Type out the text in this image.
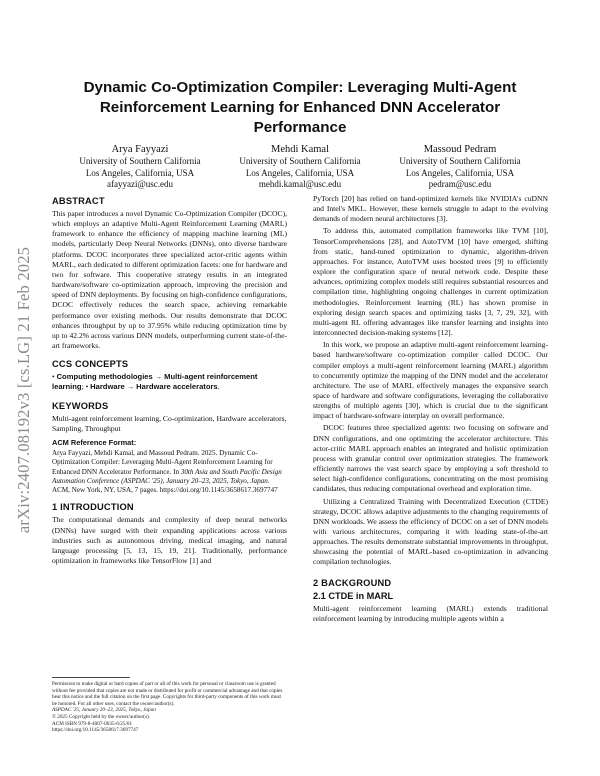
arXiv:2407.08192v3 [cs.LG] 21 Feb 2025
Dynamic Co-Optimization Compiler: Leveraging Multi-Agent Reinforcement Learning for Enhanced DNN Accelerator Performance
Arya Fayyazi
University of Southern California
Los Angeles, California, USA
afayyazi@usc.edu
Mehdi Kamal
University of Southern California
Los Angeles, California, USA
mehdi.kamal@usc.edu
Massoud Pedram
University of Southern California
Los Angeles, California, USA
pedram@usc.edu
ABSTRACT

This paper introduces a novel Dynamic Co-Optimization Compiler (DCOC), which employs an adaptive Multi-Agent Reinforcement Learning (MARL) framework to enhance the efficiency of mapping machine learning (ML) models, particularly Deep Neural Networks (DNNs), onto diverse hardware platforms. DCOC incorporates three specialized actor-critic agents within MARL, each dedicated to different optimization facets: one for hardware and two for software. This cooperative strategy results in an integrated hardware/software co-optimization approach, improving the precision and speed of DNN deployments. By focusing on high-confidence configurations, DCOC effectively reduces the search space, achieving remarkable performance over existing methods. Our results demonstrate that DCOC enhances throughput by up to 37.95% while reducing optimization time by up to 42.2% across various DNN models, outperforming current state-of-the-art frameworks.

CCS CONCEPTS

• Computing methodologies → Multi-agent reinforcement learning; • Hardware → Hardware accelerators.

KEYWORDS

Multi-agent reinforcement learning, Co-optimization, Hardware accelerators, Sampling, Throughput

ACM Reference Format:

Arya Fayyazi, Mehdi Kamal, and Massoud Pedram. 2025. Dynamic Co-Optimization Compiler: Leveraging Multi-Agent Reinforcement Learning for Enhanced DNN Accelerator Performance. In 30th Asia and South Pacific Design Automation Conference (ASPDAC '25), January 20–23, 2025, Tokyo, Japan. ACM, New York, NY, USA, 7 pages. https://doi.org/10.1145/3658617.3697747

1 INTRODUCTION

The computational demands and complexity of deep neural networks (DNNs) have surged with their expanding applications across various industries such as autonomous driving, medical imaging, and natural language processing [5, 13, 15, 19, 21]. Traditionally, performance optimization in frameworks like TensorFlow [1] and

Permission to make digital or hard copies of part or all of this work for personal or classroom use is granted without fee provided that copies are not made or distributed for profit or commercial advantage and that copies bear this notice and the full citation on the first page. Copyrights for third-party components of this work must be honored. For all other uses, contact the owner/author(s).

ASPDAC '25, January 20–23, 2025, Tokyo, Japan

© 2025 Copyright held by the owner/author(s).

ACM ISBN 979-8-4007-0635-6/25/01

https://doi.org/10.1145/3658617.3697747

PyTorch [20] has relied on hand-optimized kernels like NVIDIA's cuDNN and Intel's MKL. However, these kernels struggle to adapt to the evolving demands of modern neural architectures [3].

To address this, automated compilation frameworks like TVM [10], TensorComprehensions [28], and AutoTVM [10] have emerged, shifting from static, hand-tuned optimization to dynamic, algorithm-driven approaches. For instance, AutoTVM uses boosted trees [9] to efficiently explore the configuration space of neural network code. Despite these advances, optimizing complex models still requires substantial resources and compilation time, highlighting ongoing challenges in current optimization methodologies. Reinforcement learning (RL) has shown promise in exploring design search spaces and optimizing tasks [3, 7, 29, 32], with multi-agent RL offering advantages like transfer learning and insights into interconnected decision-making systems [12].

In this work, we propose an adaptive multi-agent reinforcement learning-based hardware/software co-optimization compiler called DCOC. Our compiler employs a multi-agent reinforcement learning (MARL) algorithm to concurrently optimize the mapping of the DNN model and the accelerator architecture. The use of MARL effectively manages the expansive search space of hardware and software configurations, leveraging the collaborative strengths of multiple agents [30], which is crucial due to the significant impact of hardware-software interplay on overall performance.

DCOC features three specialized agents: two focusing on software and DNN configurations, and one optimizing the accelerator architecture. This actor-critic MARL approach enables an integrated and holistic optimization process with granular control over optimization strategies. The framework efficiently narrows the vast search space by employing a soft threshold to select high-confidence configurations, concentrating on the most promising candidates, thus reducing computational overhead and exploration time.

Utilizing a Centralized Training with Decentralized Execution (CTDE) strategy, DCOC allows adaptive adjustments to the changing requirements of DNN workloads. We assess the efficiency of DCOC on a set of DNN models with various architectures, comparing it with leading state-of-the-art approaches. The results demonstrate substantial improvements in throughput, showcasing the potential of MARL-based co-optimization in advancing compilation technologies.

2 BACKGROUND
2.1 CTDE in MARL

Multi-agent reinforcement learning (MARL) extends traditional reinforcement learning by introducing multiple agents within a
